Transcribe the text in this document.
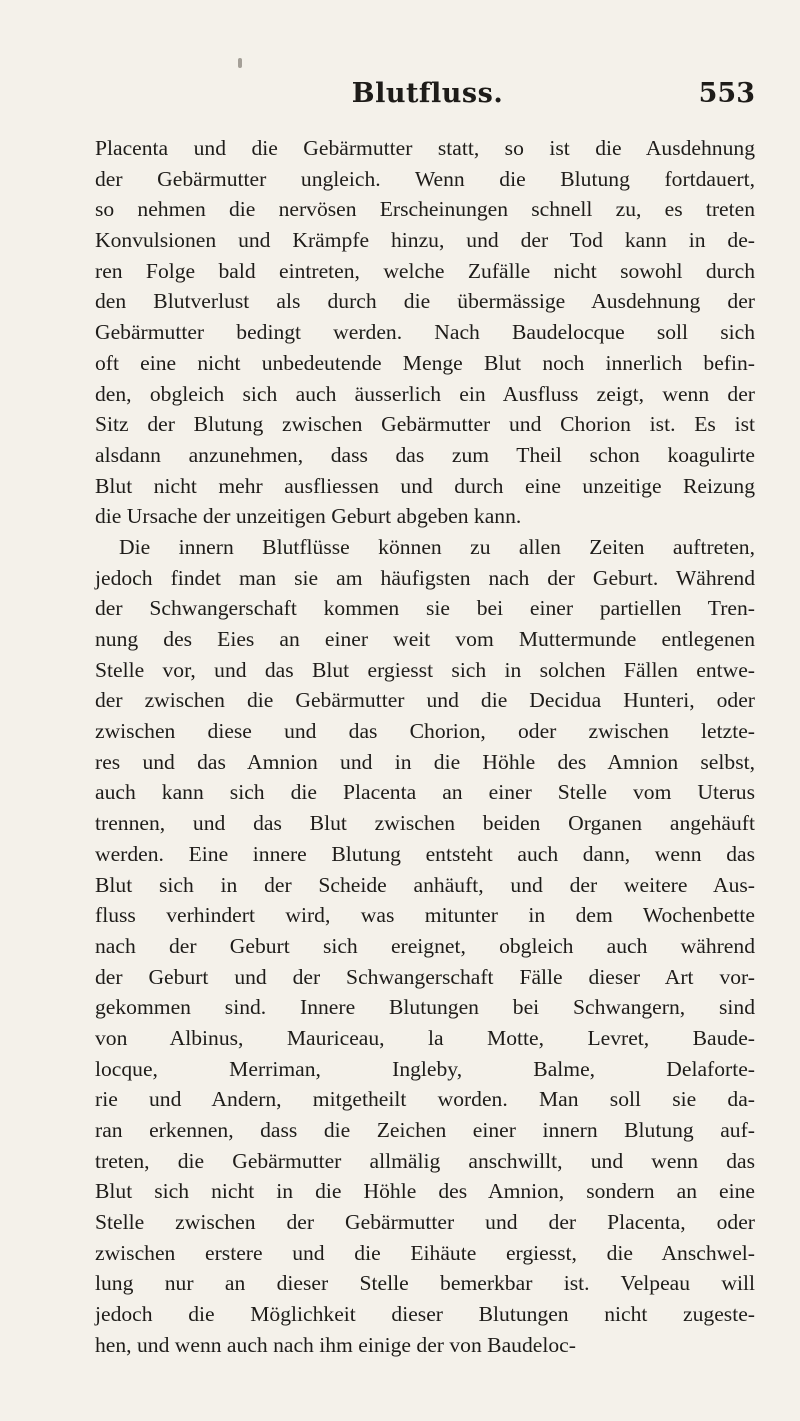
Blutfluss.	553
Placenta und die Gebärmutter statt, so ist die Ausdehnung
der Gebärmutter ungleich. Wenn die Blutung fortdauert,
so nehmen die nervösen Erscheinungen schnell zu, es treten
Konvulsionen und Krämpfe hinzu, und der Tod kann in de-
ren Folge bald eintreten, welche Zufälle nicht sowohl durch
den Blutverlust als durch die übermässige Ausdehnung der
Gebärmutter bedingt werden. Nach Baudelocque soll sich
oft eine nicht unbedeutende Menge Blut noch innerlich befin-
den, obgleich sich auch äusserlich ein Ausfluss zeigt, wenn der
Sitz der Blutung zwischen Gebärmutter und Chorion ist. Es ist
alsdann anzunehmen, dass das zum Theil schon koagulirte
Blut nicht mehr ausfliessen und durch eine unzeitige Reizung
die Ursache der unzeitigen Geburt abgeben kann.
Die innern Blutflüsse können zu allen Zeiten auftreten,
jedoch findet man sie am häufigsten nach der Geburt. Während
der Schwangerschaft kommen sie bei einer partiellen Tren-
nung des Eies an einer weit vom Muttermunde entlegenen
Stelle vor, und das Blut ergiesst sich in solchen Fällen entwe-
der zwischen die Gebärmutter und die Decidua Hunteri, oder
zwischen diese und das Chorion, oder zwischen letzte-
res und das Amnion und in die Höhle des Amnion selbst,
auch kann sich die Placenta an einer Stelle vom Uterus
trennen, und das Blut zwischen beiden Organen angehäuft
werden. Eine innere Blutung entsteht auch dann, wenn das
Blut sich in der Scheide anhäuft, und der weitere Aus-
fluss verhindert wird, was mitunter in dem Wochenbette
nach der Geburt sich ereignet, obgleich auch während
der Geburt und der Schwangerschaft Fälle dieser Art vor-
gekommen sind. Innere Blutungen bei Schwangern, sind
von Albinus, Mauriceau, la Motte, Levret, Baude-
locque, Merriman, Ingleby, Balme, Delaforte-
rie und Andern, mitgetheilt worden. Man soll sie da-
ran erkennen, dass die Zeichen einer innern Blutung auf-
treten, die Gebärmutter allmälig anschwillt, und wenn das
Blut sich nicht in die Höhle des Amnion, sondern an eine
Stelle zwischen der Gebärmutter und der Placenta, oder
zwischen erstere und die Eihäute ergiesst, die Anschwel-
lung nur an dieser Stelle bemerkbar ist. Velpeau will
jedoch die Möglichkeit dieser Blutungen nicht zugeste-
hen, und wenn auch nach ihm einige der von Baudeloc-
